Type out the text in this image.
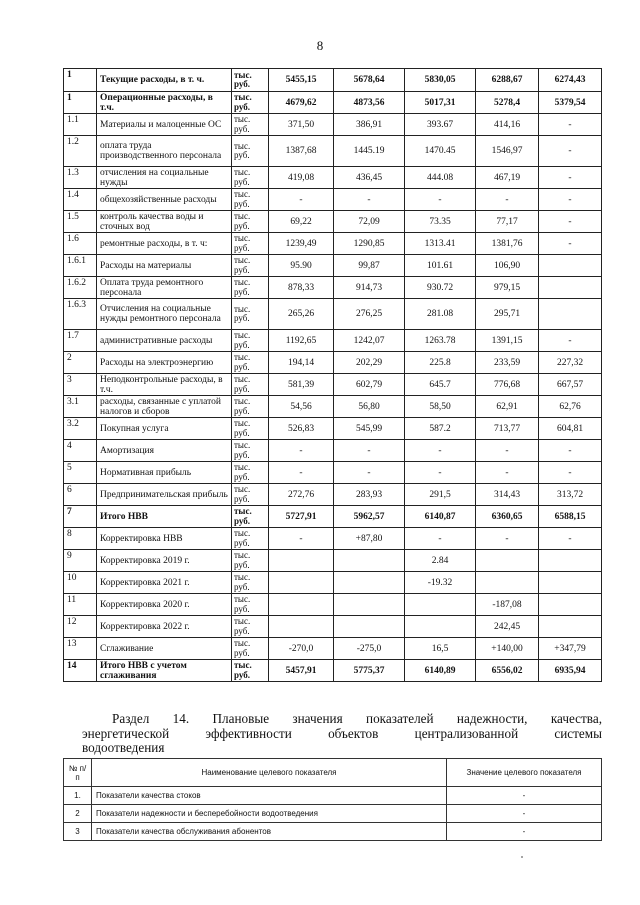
8
1	Текущие расходы, в т. ч.	тыс. руб.	5455,15	5678,64	5830,05	6288,67	6274,43
1	Операционные расходы, в т.ч.	тыс. руб.	4679,62	4873,56	5017,31	5278,4	5379,54
1.1	Материалы и малоценные ОС	тыс. руб.	371,50	386,91	393.67	414,16	-
1.2	оплата труда производственного персонала	тыс. руб.	1387,68	1445.19	1470.45	1546,97	-
1.3	отчисления на социальные нужды	тыс. руб.	419,08	436,45	444.08	467,19	-
1.4	общехозяйственные расходы	тыс. руб.	-	-	-	-	-
1.5	контроль качества воды и сточных вод	тыс. руб.	69,22	72,09	73.35	77,17	-
1.6	ремонтные расходы, в т. ч:	тыс. руб.	1239,49	1290,85	1313.41	1381,76	-
1.6.1	Расходы на материалы	тыс. руб.	95.90	99,87	101.61	106,90	
1.6.2	Оплата труда ремонтного персонала	тыс. руб.	878,33	914,73	930.72	979,15	
1.6.3	Отчисления на социальные нужды ремонтного персонала	тыс. руб.	265,26	276,25	281.08	295,71	
1.7	административные расходы	тыс. руб.	1192,65	1242,07	1263.78	1391,15	-
2	Расходы на электроэнергию	тыс. руб.	194,14	202,29	225.8	233,59	227,32
3	Неподконтрольные расходы, в т.ч.	тыс. руб.	581,39	602,79	645.7	776,68	667,57
3.1	расходы, связанные с уплатой налогов и сборов	тыс. руб.	54,56	56,80	58,50	62,91	62,76
3.2	Покупная услуга	тыс. руб.	526,83	545,99	587.2	713,77	604,81
4	Амортизация	тыс. руб.	-	-	-	-	-
5	Нормативная прибыль	тыс. руб.	-	-	-	-	-
6	Предпринимательская прибыль	тыс. руб.	272,76	283,93	291,5	314,43	313,72
7	Итого НВВ	тыс. руб.	5727,91	5962,57	6140,87	6360,65	6588,15
8	Корректировка НВВ	тыс. руб.	-	+87,80	-	-	-
9	Корректировка 2019 г.	тыс. руб.			2.84		
10	Корректировка 2021 г.	тыс. руб.			-19.32		
11	Корректировка 2020 г.	тыс. руб.				-187,08	
12	Корректировка 2022 г.	тыс. руб.				242,45	
13	Сглаживание	тыс. руб.	-270,0	-275,0	16,5	+140,00	+347,79
14	Итого НВВ с учетом сглаживания	тыс. руб.	5457,91	5775,37	6140,89	6556,02	6935,94
Раздел 14. Плановые значения показателей надежности, качества,
энергетической эффективности объектов централизованной системы
водоотведения
№ п/п	Наименование целевого показателя	Значение целевого показателя
1.	Показатели качества стоков	-
2	Показатели надежности и бесперебойности водоотведения	-
3	Показатели качества обслуживания абонентов	-
